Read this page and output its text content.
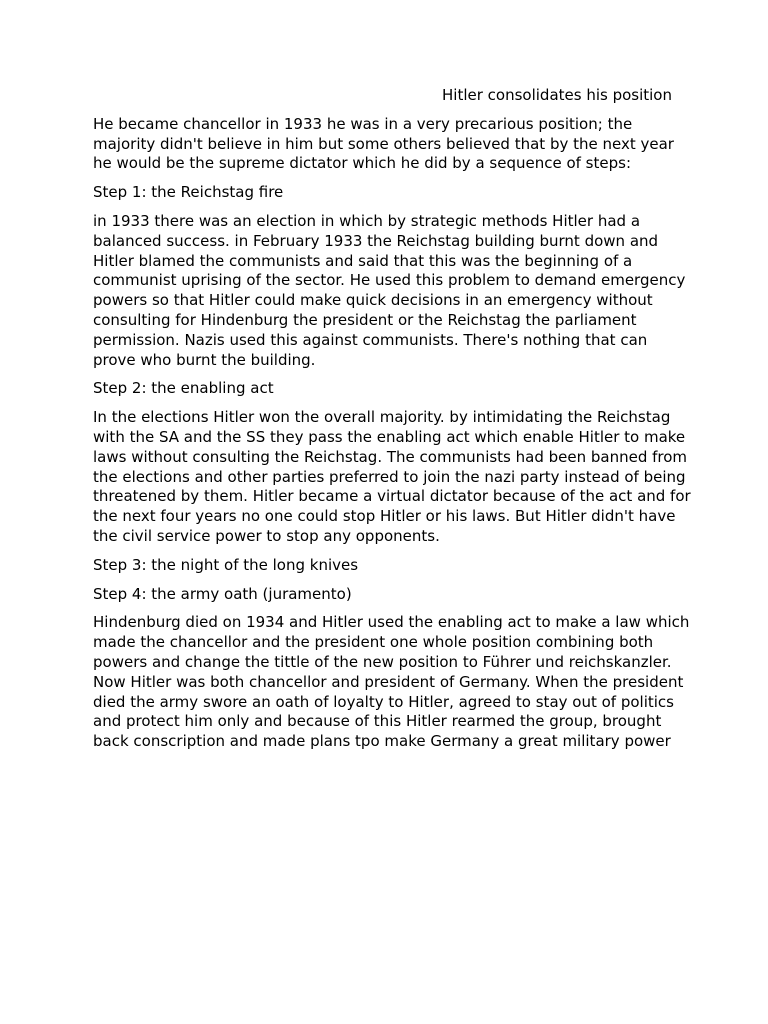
Hitler consolidates his position

He became chancellor in 1933 he was in a very precarious position; the majority didn't believe in him but some others believed that by the next year he would be the supreme dictator which he did by a sequence of steps:

Step 1: the Reichstag fire

in 1933 there was an election in which by strategic methods Hitler had a balanced success. in February 1933 the Reichstag building burnt down and Hitler blamed the communists and said that this was the beginning of a communist uprising of the sector. He used this problem to demand emergency powers so that Hitler could make quick decisions in an emergency without consulting for Hindenburg the president or the Reichstag the parliament permission. Nazis used this against communists. There's nothing that can prove who burnt the building.

Step 2: the enabling act

In the elections Hitler won the overall majority. by intimidating the Reichstag with the SA and the SS they pass the enabling act which enable Hitler to make laws without consulting the Reichstag. The communists had been banned from the elections and other parties preferred to join the nazi party instead of being threatened by them. Hitler became a virtual dictator because of the act and for the next four years no one could stop Hitler or his laws. But Hitler didn't have the civil service power to stop any opponents.

Step 3: the night of the long knives

Step 4: the army oath (juramento)

Hindenburg died on 1934 and Hitler used the enabling act to make a law which made the chancellor and the president one whole position combining both powers and change the tittle of the new position to Führer und reichskanzler. Now Hitler was both chancellor and president of Germany. When the president died the army swore an oath of loyalty to Hitler, agreed to stay out of politics and protect him only and because of this Hitler rearmed the group, brought back conscription and made plans tpo make Germany a great military power
